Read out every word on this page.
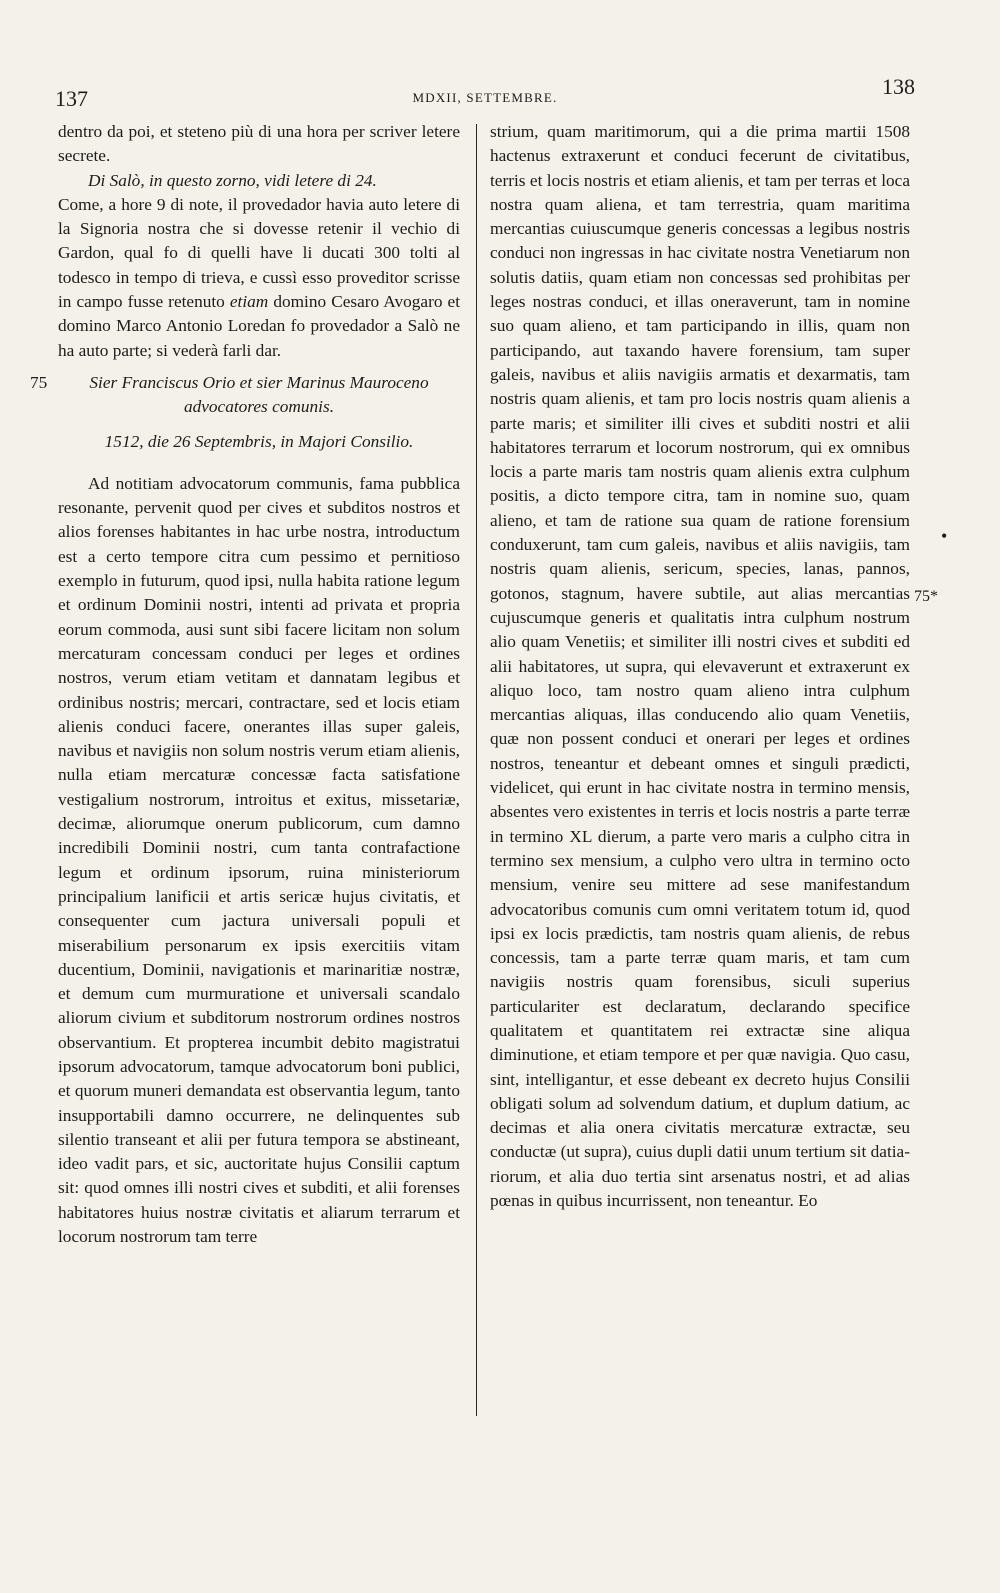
137	MDXII, SETTEMBRE.	138

dentro da poi, et steteno più di una hora per scriver letere secrete.

Di Salò, in questo zorno, vidi letere di 24.

Come, a hore 9 di note, il provedador havia auto letere di la Signoria nostra che si dovesse retenir il vechio di Gardon, qual fo di quelli have li ducati 300 tolti al todesco in tempo di trieva, e cussì esso proveditor scrisse in campo fusse retenuto etiam domino Cesaro Avogaro et domino Marco Antonio Loredan fo provedador a Salò ne ha auto parte; si vederà farli dar.

75 Sier Franciscus Orio et sier Marinus Mauroceno advocatores comunis.

1512, die 26 Septembris, in Majori Consilio.

Ad notitiam advocatorum communis, fama pubblica resonante, pervenit quod per cives et subditos nostros et alios forenses habitantes in hac urbe nostra, introductum est a certo tempore citra cum pessimo et pernitioso exemplo in futurum, quod ipsi, nulla habita ratione legum et ordinum Dominii nostri, intenti ad privata et propria eorum commoda, ausi sunt sibi facere licitam non solum mercaturam concessam conduci per leges et ordines nostros, verum etiam vetitam et dannatam legibus et ordinibus nostris; mercari, contractare, sed et locis etiam alienis conduci facere, onerantes illas super galeis, navibus et navigiis non solum nostris verum etiam alienis, nulla etiam mercaturæ concessæ facta satisfatione vestigalium nostrorum, introitus et exitus, missetariæ, decimæ, aliorumque onerum publicorum, cum damno incredibili Dominii nostri, cum tanta contrafactione legum et ordinum ipsorum, ruina ministeriorum principalium lanificii et artis sericæ hujus civitatis, et consequenter cum jactura universali populi et miserabilium personarum ex ipsis exercitiis vitam ducentium, Dominii, navigationis et marinaritiæ nostræ, et demum cum murmuratione et universali scandalo aliorum civium et subditorum nostrorum ordines nostros observantium. Et propterea incumbit debito magistratui ipsorum advocatorum, tamque advocatorum boni publici, et quorum muneri demandata est observantia legum, tanto insupportabili damno occurrere, ne delinquentes sub silentio transeant et alii per futura tempora se abstineant, ideo vadit pars, et sic, auctoritate hujus Consilii captum sit: quod omnes illi nostri cives et subditi, et alii forenses habitatores huius nostræ civitatis et aliarum terrarum et locorum nostrorum tam terre

strium, quam maritimorum, qui a die prima martii 1508 hactenus extraxerunt et conduci fecerunt de civitatibus, terris et locis nostris et etiam alienis, et tam per terras et loca nostra quam aliena, et tam terrestria, quam maritima mercantias cuiuscumque generis concessas a legibus nostris conduci non ingressas in hac civitate nostra Venetiarum non solutis datiis, quam etiam non concessas sed prohibitas per leges nostras conduci, et illas oneraverunt, tam in nomine suo quam alieno, et tam participando in illis, quam non participando, aut taxando havere forensium, tam super galeis, navibus et aliis navigiis armatis et dexarmatis, tam nostris quam alienis, et tam pro locis nostris quam alienis a parte maris; et similiter illi cives et subditi nostri et alii habitatores terrarum et locorum nostrorum, qui ex omnibus locis a parte maris tam nostris quam alienis extra culphum positis, a dicto tempore citra, tam in nomine suo, quam alieno, et tam de ratione sua quam de ratione forensium conduxerunt, tam cum galeis, navibus et aliis navigiis, tam nostris quam alienis, sericum, species, lanas, pannos, gotonos, stagnum, havere subtile, aut alias mercantias cujuscumque generis et qualitatis intra culphum nostrum alio quam Venetiis; et similiter illi nostri cives et subditi ed alii habitatores, ut supra, qui elevaverunt et extraxerunt ex aliquo loco, tam nostro quam alieno intra culphum mercantias aliquas, illas conducendo alio quam Venetiis, quæ non possent conduci et onerari per leges et ordines nostros, teneantur et debeant omnes et singuli prædicti, videlicet, qui erunt in hac civitate nostra in termino mensis, absentes vero existentes in terris et locis nostris a parte terræ in termino XL dierum, a parte vero maris a culpho citra in termino sex mensium, a culpho vero ultra in termino octo mensium, venire seu mittere ad sese manifestandum advocatoribus comunis cum omni veritatem totum id, quod ipsi ex locis prædictis, tam nostris quam alienis, de rebus concessis, tam a parte terræ quam maris, et tam cum navigiis nostris quam forensibus, siculi superius particulariter est declaratum, declarando specifice qualitatem et quantitatem rei extractæ sine aliqua diminutione, et etiam tempore et per quæ navigia. Quo casu, sint, intelligantur, et esse debeant ex decreto hujus Consilii obligati solum ad solvendum datium, et duplum datium, ac decimas et alia onera civitatis mercaturæ extractæ, seu conductæ (ut supra), cuius dupli datii unum tertium sit datiariorum, et alia duo tertia sint arsenatus nostri, et ad alias pœnas in quibus incurrissent, non teneantur. Eo

•
75*
